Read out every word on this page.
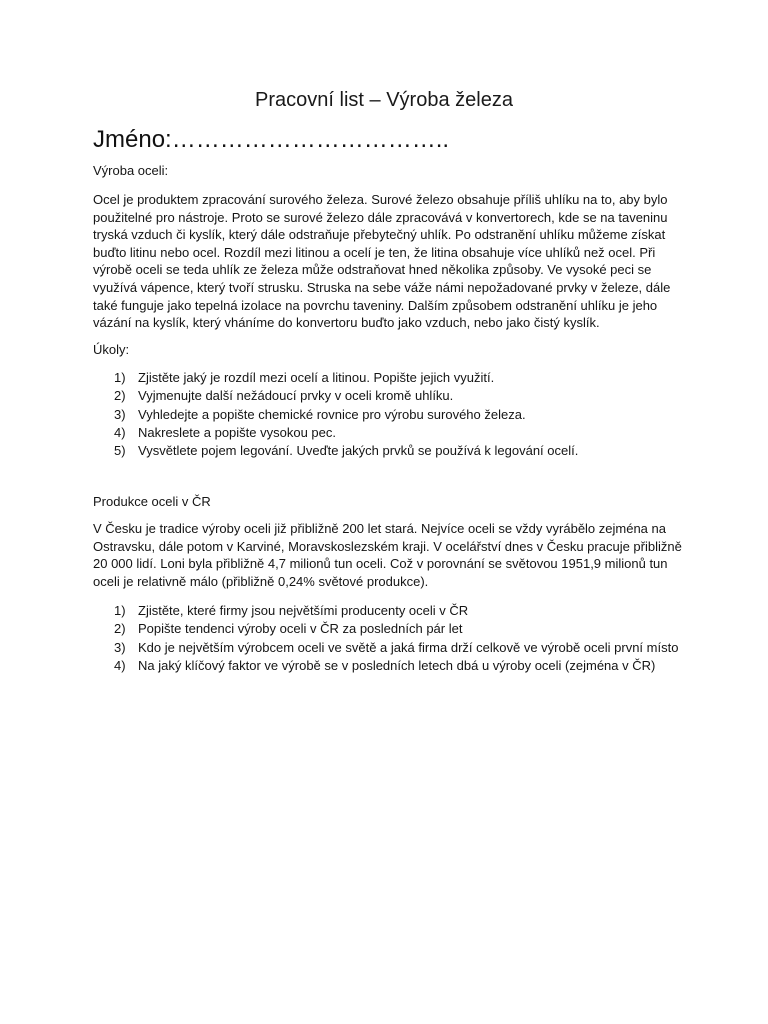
Pracovní list – Výroba železa
Jméno:……………………………..
Výroba oceli:

Ocel je produktem zpracování surového železa. Surové železo obsahuje příliš uhlíku na to, aby bylo použitelné pro nástroje. Proto se surové železo dále zpracovává v konvertorech, kde se na taveninu tryská vzduch či kyslík, který dále odstraňuje přebytečný uhlík. Po odstranění uhlíku můžeme získat buďto litinu nebo ocel. Rozdíl mezi litinou a ocelí je ten, že litina obsahuje více uhlíků než ocel. Při výrobě oceli se teda uhlík ze železa může odstraňovat hned několika způsoby. Ve vysoké peci se využívá vápence, který tvoří strusku. Struska na sebe váže námi nepožadované prvky v železe, dále také funguje jako tepelná izolace na povrchu taveniny. Dalším způsobem odstranění uhlíku je jeho vázání na kyslík, který vháníme do konvertoru buďto jako vzduch, nebo jako čistý kyslík.

Úkoly:
1) Zjistěte jaký je rozdíl mezi ocelí a litinou. Popište jejich využití.
2) Vyjmenujte další nežádoucí prvky v oceli kromě uhlíku.
3) Vyhledejte a popište chemické rovnice pro výrobu surového železa.
4) Nakreslete a popište vysokou pec.
5) Vysvětlete pojem legování. Uveďte jakých prvků se používá k legování ocelí.
Produkce oceli v ČR

V Česku je tradice výroby oceli již přibližně 200 let stará. Nejvíce oceli se vždy vyrábělo zejména na Ostravsku, dále potom v Karviné, Moravskoslezském kraji. V ocelářství dnes v Česku pracuje přibližně 20 000 lidí. Loni byla přibližně 4,7 milionů tun oceli. Což v porovnání se světovou 1951,9 milionů tun oceli je relativně málo (přibližně 0,24% světové produkce).

1) Zjistěte, které firmy jsou největšími producenty oceli v ČR
2) Popište tendenci výroby oceli v ČR za posledních pár let
3) Kdo je největším výrobcem oceli ve světě a jaká firma drží celkově ve výrobě oceli první místo
4) Na jaký klíčový faktor ve výrobě se v posledních letech dbá u výroby oceli (zejména v ČR)
